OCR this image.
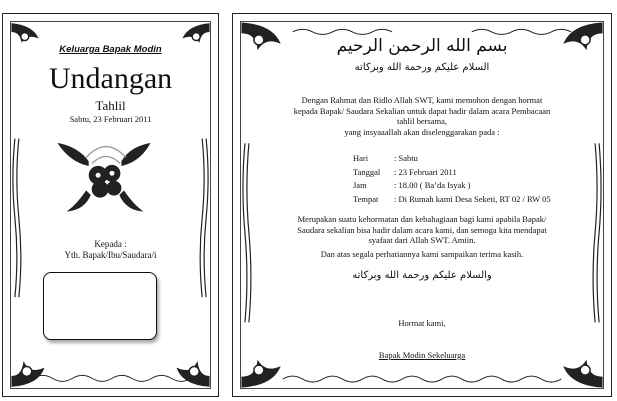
Keluarga Bapak Modin
Undangan
Tahlil
Sabtu, 23 Februari 2011
Kepada :
Yth. Bapak/Ibu/Saudara/i
بسم الله الرحمن الرحيم
السلام عليكم ورحمة الله وبركاته
Dengan Rahmat dan Ridlo Allah SWT, kami memohon dengan hormat
kepada Bapak/ Saudara Sekalian untuk dapat hadir dalam acara Pembacaan
tahlil bersama,
yang insyaaallah akan diselenggarakan pada :
Hari	: Sabtu
Tanggal : 23 Februari 2011
Jam	: 18.00 ( Ba’da Isyak )
Tempat : Di Rumah kami Desa Seketi, RT 02 / RW 05
Merupakan suatu kehormatan dan kebahagiaan bagi kami apabila Bapak/
Saudara sekalian bisa hadir dalam acara kami, dan semoga kita mendapat
syafaat dari Allah SWT. Amiin.
Dan atas segala perhatiannya kami sampaikan terima kasih.
والسلام عليكم ورحمة الله وبركاته
Hormat kami,
Bapak Modin Sekeluarga
